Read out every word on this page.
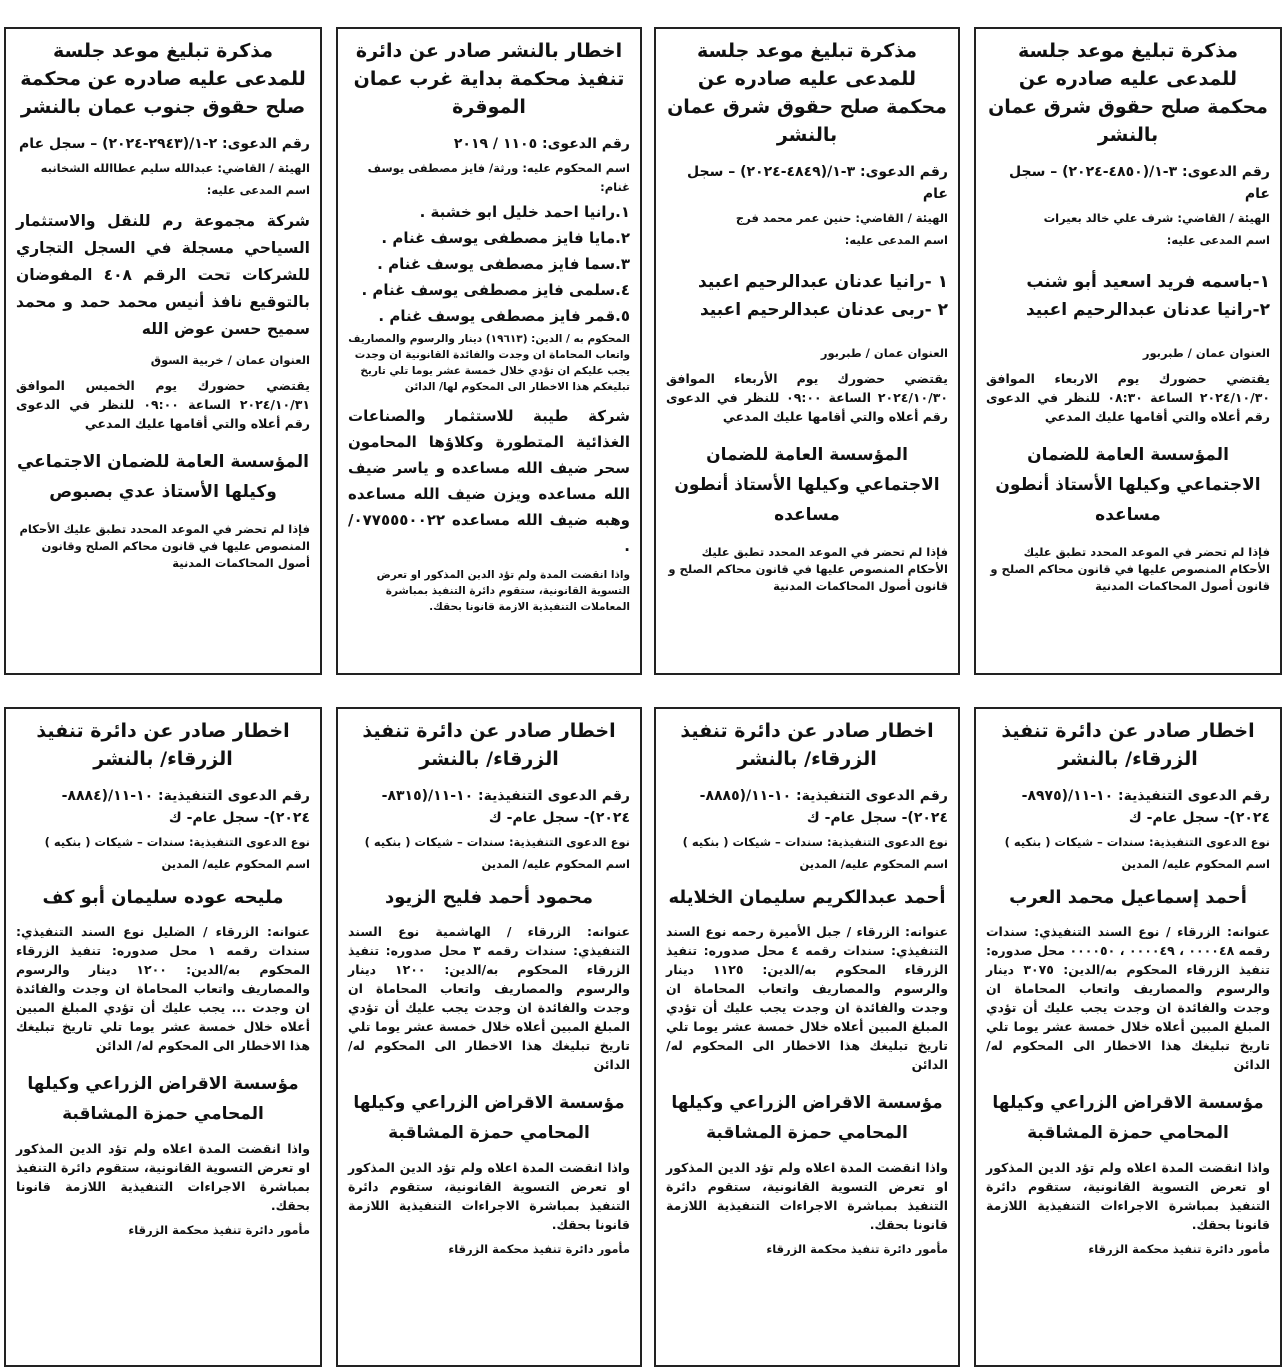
مذكرة تبليغ موعد جلسة للمدعى عليه صادره عن محكمة صلح حقوق شرق عمان بالنشر
رقم الدعوى: ٣-١/(٤٨٥٠-٢٠٢٤) – سجل عام
الهيئة / القاضي: شرف علي خالد بعيرات
اسم المدعى عليه:
١-باسمه فريد اسعيد أبو شنب
٢-رانيا عدنان عبدالرحيم اعبيد
العنوان عمان / طبربور
يقتضي حضورك يوم الاربعاء الموافق ٢٠٢٤/١٠/٣٠ الساعة ٠٨:٣٠ للنظر في الدعوى رقم أعلاه والتي أقامها عليك المدعي
المؤسسة العامة للضمان الاجتماعي وكيلها الأستاذ أنطون مساعده
فإذا لم تحضر في الموعد المحدد تطبق عليك الأحكام المنصوص عليها في قانون محاكم الصلح و قانون أصول المحاكمات المدنية
مذكرة تبليغ موعد جلسة للمدعى عليه صادره عن محكمة صلح حقوق شرق عمان بالنشر
رقم الدعوى: ٣-١/(٤٨٤٩-٢٠٢٤) – سجل عام
الهيئة / القاضي: حنين عمر محمد فرج
اسم المدعى عليه:
١ -رانيا عدنان عبدالرحيم اعبيد
٢ -ربى عدنان عبدالرحيم اعبيد
العنوان عمان / طبربور
يقتضي حضورك يوم الأربعاء الموافق ٢٠٢٤/١٠/٣٠ الساعة ٠٩:٠٠ للنظر في الدعوى رقم أعلاه والتي أقامها عليك المدعي
المؤسسة العامة للضمان الاجتماعي وكيلها الأستاذ أنطون مساعده
فإذا لم تحضر في الموعد المحدد تطبق عليك الأحكام المنصوص عليها في قانون محاكم الصلح و قانون أصول المحاكمات المدنية
اخطار بالنشر صادر عن دائرة تنفيذ محكمة بداية غرب عمان الموقرة
رقم الدعوى: ١١٠٥ / ٢٠١٩
اسم المحكوم عليه: ورثة/ فايز مصطفى يوسف غنام:
١.رانيا احمد خليل ابو خشبة .
٢.مايا فايز مصطفى يوسف غنام .
٣.سما فايز مصطفى يوسف غنام .
٤.سلمى فايز مصطفى يوسف غنام .
٥.قمر فايز مصطفى يوسف غنام .
المحكوم به / الدين: (١٩٦١٣) دينار والرسوم والمصاريف واتعاب المحاماة ان وجدت والفائدة القانونية ان وجدت يجب عليكم ان تؤدي خلال خمسة عشر يوما تلي تاريخ تبليغكم هذا الاخطار الى المحكوم لها/ الدائن
شركة طيبة للاستثمار والصناعات الغذائية المتطورة وكلاؤها المحامون سحر ضيف الله مساعده و ياسر ضيف الله مساعده ويزن ضيف الله مساعده وهبه ضيف الله مساعده ٠٧٧٥٥٥٠٠٢٢/ .
واذا انقضت المدة ولم تؤد الدين المذكور او تعرض التسوية القانونية، ستقوم دائرة التنفيذ بمباشرة المعاملات التنفيذية الازمة قانونا بحقك.
مذكرة تبليغ موعد جلسة للمدعى عليه صادره عن محكمة صلح حقوق جنوب عمان بالنشر
رقم الدعوى: ٢-١/(٢٩٤٣-٢٠٢٤) – سجل عام
الهيئة / القاضي: عبدالله سليم عطاالله الشخانبه
اسم المدعى عليه:
شركة مجموعة رم للنقل والاستثمار السياحي مسجلة في السجل التجاري للشركات تحت الرقم ٤٠٨ المفوضان بالتوقيع نافذ أنيس محمد حمد و محمد سميح حسن عوض الله
العنوان عمان / خربية السوق
يقتضي حضورك يوم الخميس الموافق ٢٠٢٤/١٠/٣١ الساعة ٠٩:٠٠ للنظر في الدعوى رقم أعلاه والتي أقامها عليك المدعي
المؤسسة العامة للضمان الاجتماعي وكيلها الأستاذ عدي بصبوص
فإذا لم تحضر في الموعد المحدد تطبق عليك الأحكام المنصوص عليها في قانون محاكم الصلح وقانون أصول المحاكمات المدنية
اخطار صادر عن دائرة تنفيذ الزرقاء/ بالنشر
رقم الدعوى التنفيذية: ١٠-١١/(٨٩٧٥- ٢٠٢٤)- سجل عام- ك
نوع الدعوى التنفيذية: سندات – شيكات ( بنكيه )
اسم المحكوم عليه/ المدين
أحمد إسماعيل محمد العرب
عنوانه: الزرقاء / نوع السند التنفيذي: سندات رقمه ٠٠٠٠٤٨ ، ٠٠٠٠٤٩ ، ٠٠٠٠٥٠ محل صدوره: تنفيذ الزرقاء المحكوم به/الدين: ٣٠٧٥ دينار والرسوم والمصاريف واتعاب المحاماة ان وجدت والفائدة ان وجدت يجب عليك أن تؤدي المبلغ المبين أعلاه خلال خمسة عشر يوما تلي تاريخ تبليغك هذا الاخطار الى المحكوم له/ الدائن
مؤسسة الاقراض الزراعي وكيلها المحامي حمزة المشاقبة
واذا انقضت المدة اعلاه ولم تؤد الدين المذكور او تعرض التسوية القانونية، ستقوم دائرة التنفيذ بمباشرة الاجراءات التنفيذية اللازمة قانونا بحقك.
مأمور دائرة تنفيذ محكمة الزرقاء
اخطار صادر عن دائرة تنفيذ الزرقاء/ بالنشر
رقم الدعوى التنفيذية: ١٠-١١/(٨٨٨٥- ٢٠٢٤)- سجل عام- ك
نوع الدعوى التنفيذية: سندات – شيكات ( بنكيه )
اسم المحكوم عليه/ المدين
أحمد عبدالكريم سليمان الخلايله
عنوانه: الزرقاء / جبل الأميرة رحمه نوع السند التنفيذي: سندات رقمه ٤ محل صدوره: تنفيذ الزرقاء المحكوم به/الدين: ١١٢٥ دينار والرسوم والمصاريف واتعاب المحاماة ان وجدت والفائدة ان وجدت يجب عليك أن تؤدي المبلغ المبين أعلاه خلال خمسة عشر يوما تلي تاريخ تبليغك هذا الاخطار الى المحكوم له/ الدائن
مؤسسة الاقراض الزراعي وكيلها المحامي حمزة المشاقبة
واذا انقضت المدة اعلاه ولم تؤد الدين المذكور او تعرض التسوية القانونية، ستقوم دائرة التنفيذ بمباشرة الاجراءات التنفيذية اللازمة قانونا بحقك.
مأمور دائرة تنفيذ محكمة الزرقاء
اخطار صادر عن دائرة تنفيذ الزرقاء/ بالنشر
رقم الدعوى التنفيذية: ١٠-١١/(٨٣١٥- ٢٠٢٤)- سجل عام- ك
نوع الدعوى التنفيذية: سندات – شيكات ( بنكيه )
اسم المحكوم عليه/ المدين
محمود أحمد فليح الزيود
عنوانه: الزرقاء / الهاشمية نوع السند التنفيذي: سندات رقمه ٣ محل صدوره: تنفيذ الزرقاء المحكوم به/الدين: ١٢٠٠ دينار والرسوم والمصاريف واتعاب المحاماة ان وجدت والفائدة ان وجدت يجب عليك أن تؤدي المبلغ المبين أعلاه خلال خمسة عشر يوما تلي تاريخ تبليغك هذا الاخطار الى المحكوم له/ الدائن
مؤسسة الاقراض الزراعي وكيلها المحامي حمزة المشاقبة
واذا انقضت المدة اعلاه ولم تؤد الدين المذكور او تعرض التسوية القانونية، ستقوم دائرة التنفيذ بمباشرة الاجراءات التنفيذية اللازمة قانونا بحقك.
مأمور دائرة تنفيذ محكمة الزرقاء
اخطار صادر عن دائرة تنفيذ الزرقاء/ بالنشر
رقم الدعوى التنفيذية: ١٠-١١/(٨٨٨٤- ٢٠٢٤)- سجل عام- ك
نوع الدعوى التنفيذية: سندات – شيكات ( بنكيه )
اسم المحكوم عليه/ المدين
مليحه عوده سليمان أبو كف
عنوانه: الزرقاء / الضليل نوع السند التنفيذي: سندات رقمه ١ محل صدوره: تنفيذ الزرقاء المحكوم به/الدين: ١٢٠٠ دينار والرسوم والمصاريف واتعاب المحاماة ان وجدت والفائدة ان وجدت ... يجب عليك أن تؤدي المبلغ المبين أعلاه خلال خمسة عشر يوما تلي تاريخ تبليغك هذا الاخطار الى المحكوم له/ الدائن
مؤسسة الاقراض الزراعي وكيلها المحامي حمزة المشاقبة
واذا انقضت المدة اعلاه ولم تؤد الدين المذكور او تعرض التسوية القانونية، ستقوم دائرة التنفيذ بمباشرة الاجراءات التنفيذية اللازمة قانونا بحقك.
مأمور دائرة تنفيذ محكمة الزرقاء
